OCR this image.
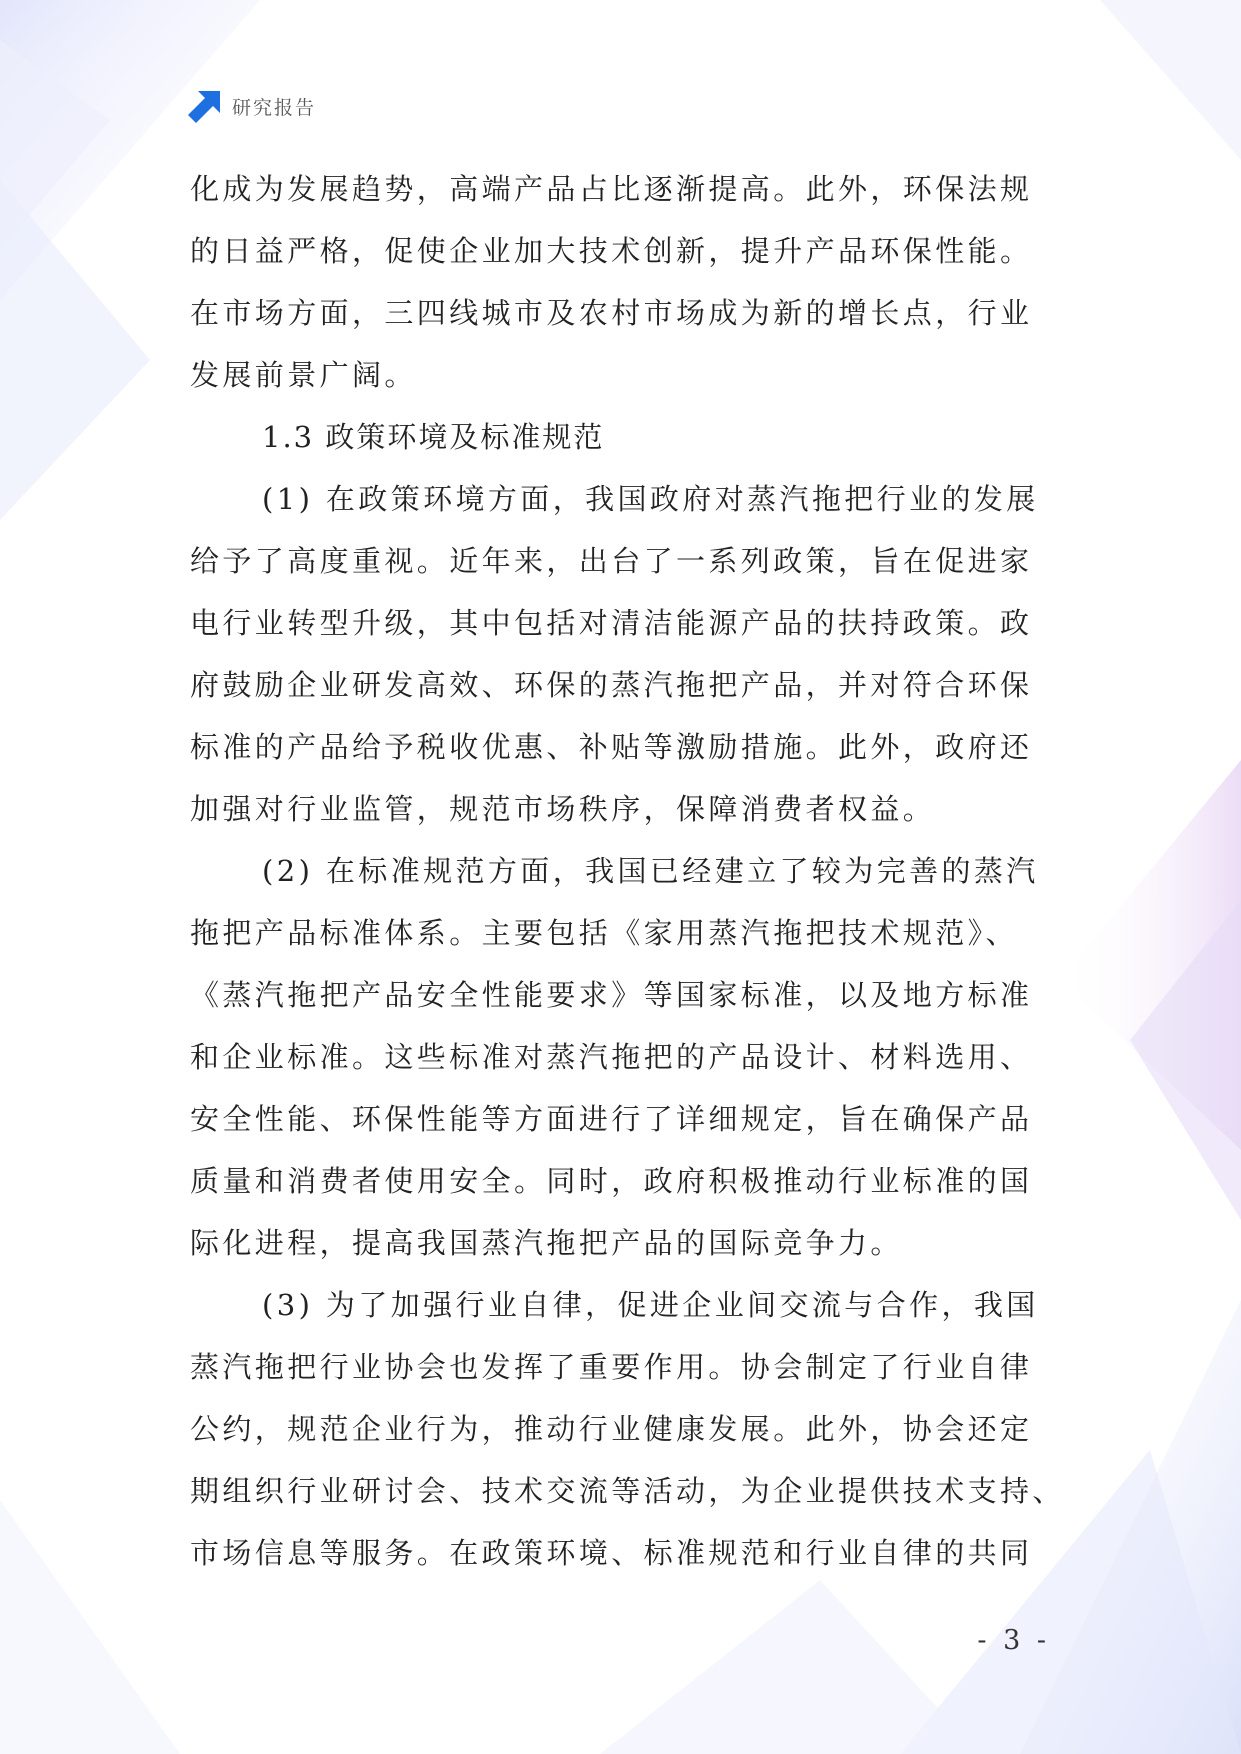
研究报告
化成为发展趋势，高端产品占比逐渐提高。此外，环保法规
的日益严格，促使企业加大技术创新，提升产品环保性能。
在市场方面，三四线城市及农村市场成为新的增长点，行业
发展前景广阔。
1.3 政策环境及标准规范
(1) 在政策环境方面，我国政府对蒸汽拖把行业的发展
给予了高度重视。近年来，出台了一系列政策，旨在促进家
电行业转型升级，其中包括对清洁能源产品的扶持政策。政
府鼓励企业研发高效、环保的蒸汽拖把产品，并对符合环保
标准的产品给予税收优惠、补贴等激励措施。此外，政府还
加强对行业监管，规范市场秩序，保障消费者权益。
(2) 在标准规范方面，我国已经建立了较为完善的蒸汽
拖把产品标准体系。主要包括《家用蒸汽拖把技术规范》、
《蒸汽拖把产品安全性能要求》等国家标准，以及地方标准
和企业标准。这些标准对蒸汽拖把的产品设计、材料选用、
安全性能、环保性能等方面进行了详细规定，旨在确保产品
质量和消费者使用安全。同时，政府积极推动行业标准的国
际化进程，提高我国蒸汽拖把产品的国际竞争力。
(3) 为了加强行业自律，促进企业间交流与合作，我国
蒸汽拖把行业协会也发挥了重要作用。协会制定了行业自律
公约，规范企业行为，推动行业健康发展。此外，协会还定
期组织行业研讨会、技术交流等活动，为企业提供技术支持、
市场信息等服务。在政策环境、标准规范和行业自律的共同
- 3 -
